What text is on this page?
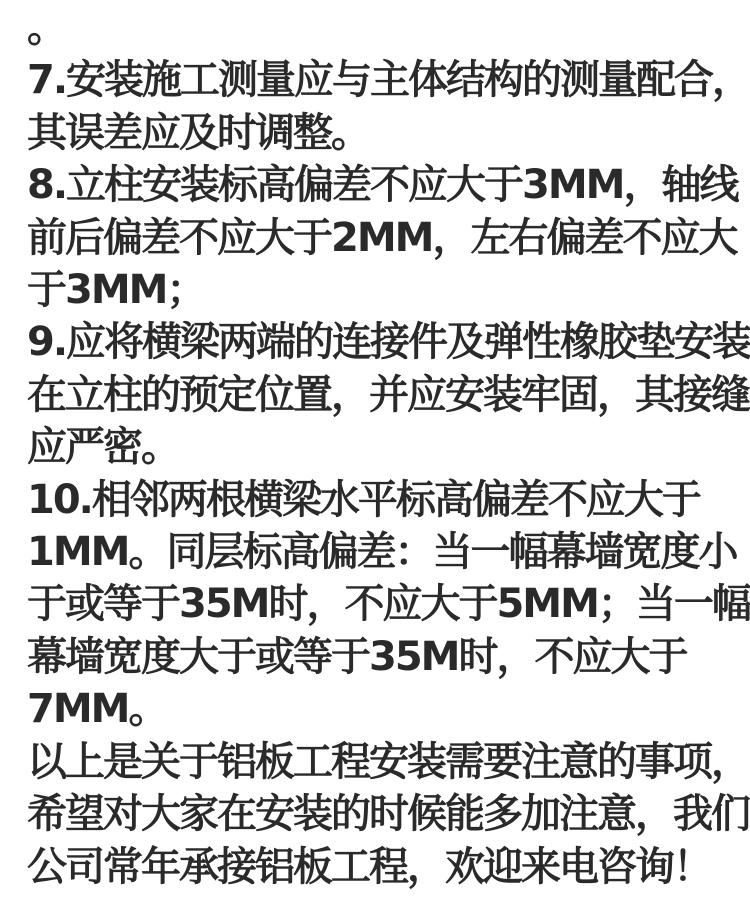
。
7.安装施工测量应与主体结构的测量配合，
其误差应及时调整。
8.立柱安装标高偏差不应大于3MM，轴线
前后偏差不应大于2MM，左右偏差不应大
于3MM；
9.应将横梁两端的连接件及弹性橡胶垫安装
在立柱的预定位置，并应安装牢固，其接缝
应严密。
10.相邻两根横梁水平标高偏差不应大于
1MM。同层标高偏差：当一幅幕墙宽度小
于或等于35M时，不应大于5MM；当一幅
幕墙宽度大于或等于35M时，不应大于
7MM。
以上是关于铝板工程安装需要注意的事项，
希望对大家在安装的时候能多加注意，我们
公司常年承接铝板工程，欢迎来电咨询！
